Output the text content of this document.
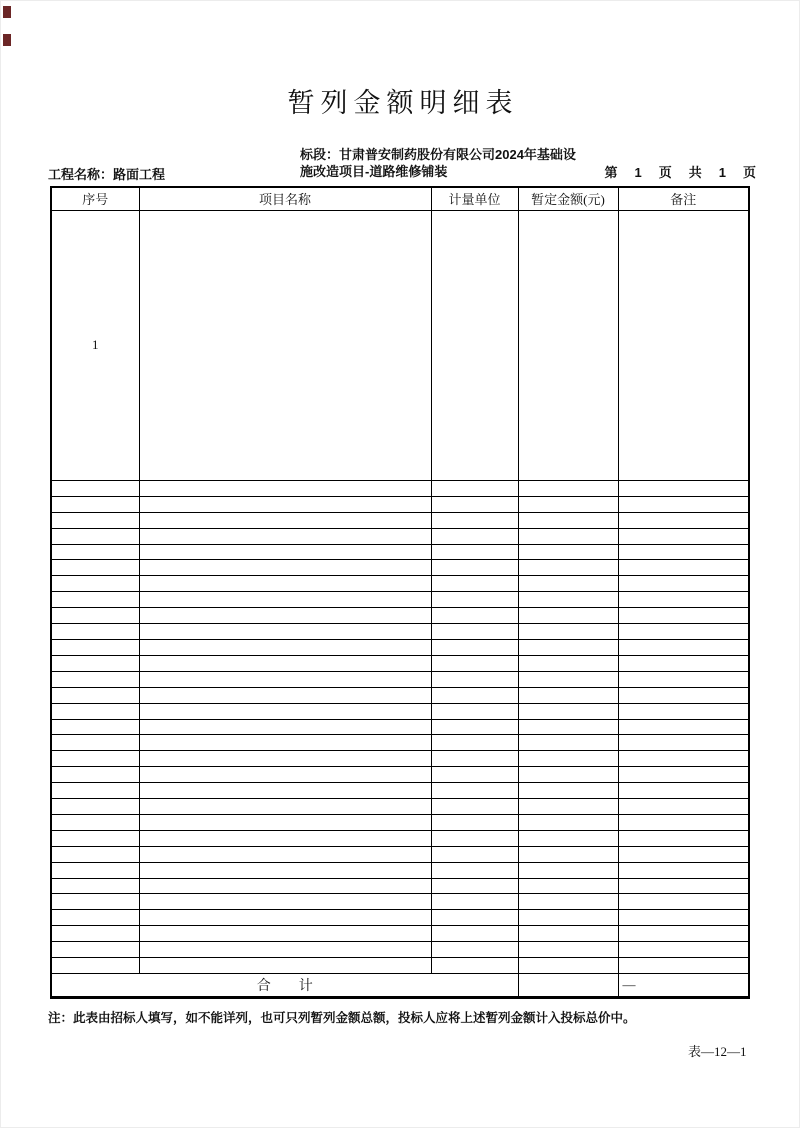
暂列金额明细表
工程名称：路面工程
标段：甘肃普安制药股份有限公司2024年基础设
施改造项目-道路维修铺装	第　1　页　共　1　页
序号	项目名称	计量单位	暂定金额(元)	备注
1				

合　　计				—
注：此表由招标人填写，如不能详列，也可只列暂列金额总额，投标人应将上述暂列金额计入投标总价中。
表—12—1
